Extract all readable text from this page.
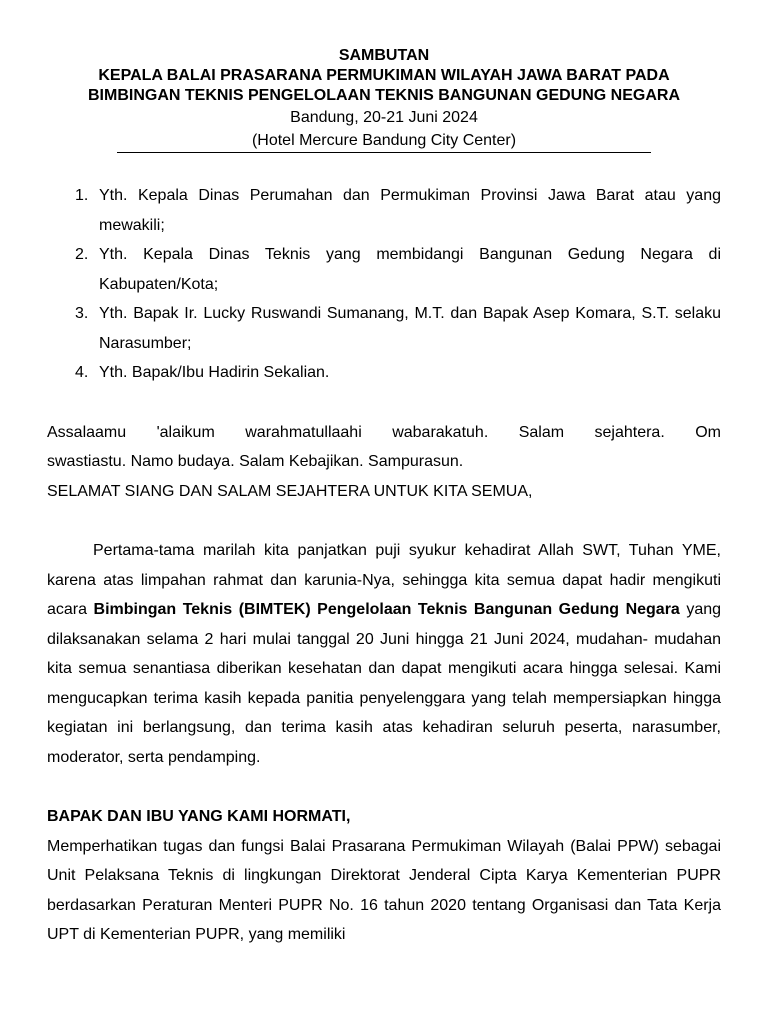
SAMBUTAN
KEPALA BALAI PRASARANA PERMUKIMAN WILAYAH JAWA BARAT PADA
BIMBINGAN TEKNIS PENGELOLAAN TEKNIS BANGUNAN GEDUNG NEGARA
Bandung, 20-21 Juni 2024
(Hotel Mercure Bandung City Center)
1. Yth. Kepala Dinas Perumahan dan Permukiman Provinsi Jawa Barat atau yang mewakili;
2. Yth. Kepala Dinas Teknis yang membidangi Bangunan Gedung Negara di Kabupaten/Kota;
3. Yth. Bapak Ir. Lucky Ruswandi Sumanang, M.T. dan Bapak Asep Komara, S.T. selaku Narasumber;
4. Yth. Bapak/Ibu Hadirin Sekalian.

Assalaamu 'alaikum warahmatullaahi wabarakatuh. Salam sejahtera. Om

swastiastu. Namo budaya. Salam Kebajikan. Sampurasun.

SELAMAT SIANG DAN SALAM SEJAHTERA UNTUK KITA SEMUA,

Pertama-tama marilah kita panjatkan puji syukur kehadirat Allah SWT, Tuhan YME, karena atas limpahan rahmat dan karunia-Nya, sehingga kita semua dapat hadir mengikuti acara Bimbingan Teknis (BIMTEK) Pengelolaan Teknis Bangunan Gedung Negara yang dilaksanakan selama 2 hari mulai tanggal 20 Juni hingga 21 Juni 2024, mudahan- mudahan kita semua senantiasa diberikan kesehatan dan dapat mengikuti acara hingga selesai. Kami mengucapkan terima kasih kepada panitia penyelenggara yang telah mempersiapkan hingga kegiatan ini berlangsung, dan terima kasih atas kehadiran seluruh peserta, narasumber, moderator, serta pendamping.

BAPAK DAN IBU YANG KAMI HORMATI,

Memperhatikan tugas dan fungsi Balai Prasarana Permukiman Wilayah (Balai PPW) sebagai Unit Pelaksana Teknis di lingkungan Direktorat Jenderal Cipta Karya Kementerian PUPR berdasarkan Peraturan Menteri PUPR No. 16 tahun 2020 tentang Organisasi dan Tata Kerja UPT di Kementerian PUPR, yang memiliki
